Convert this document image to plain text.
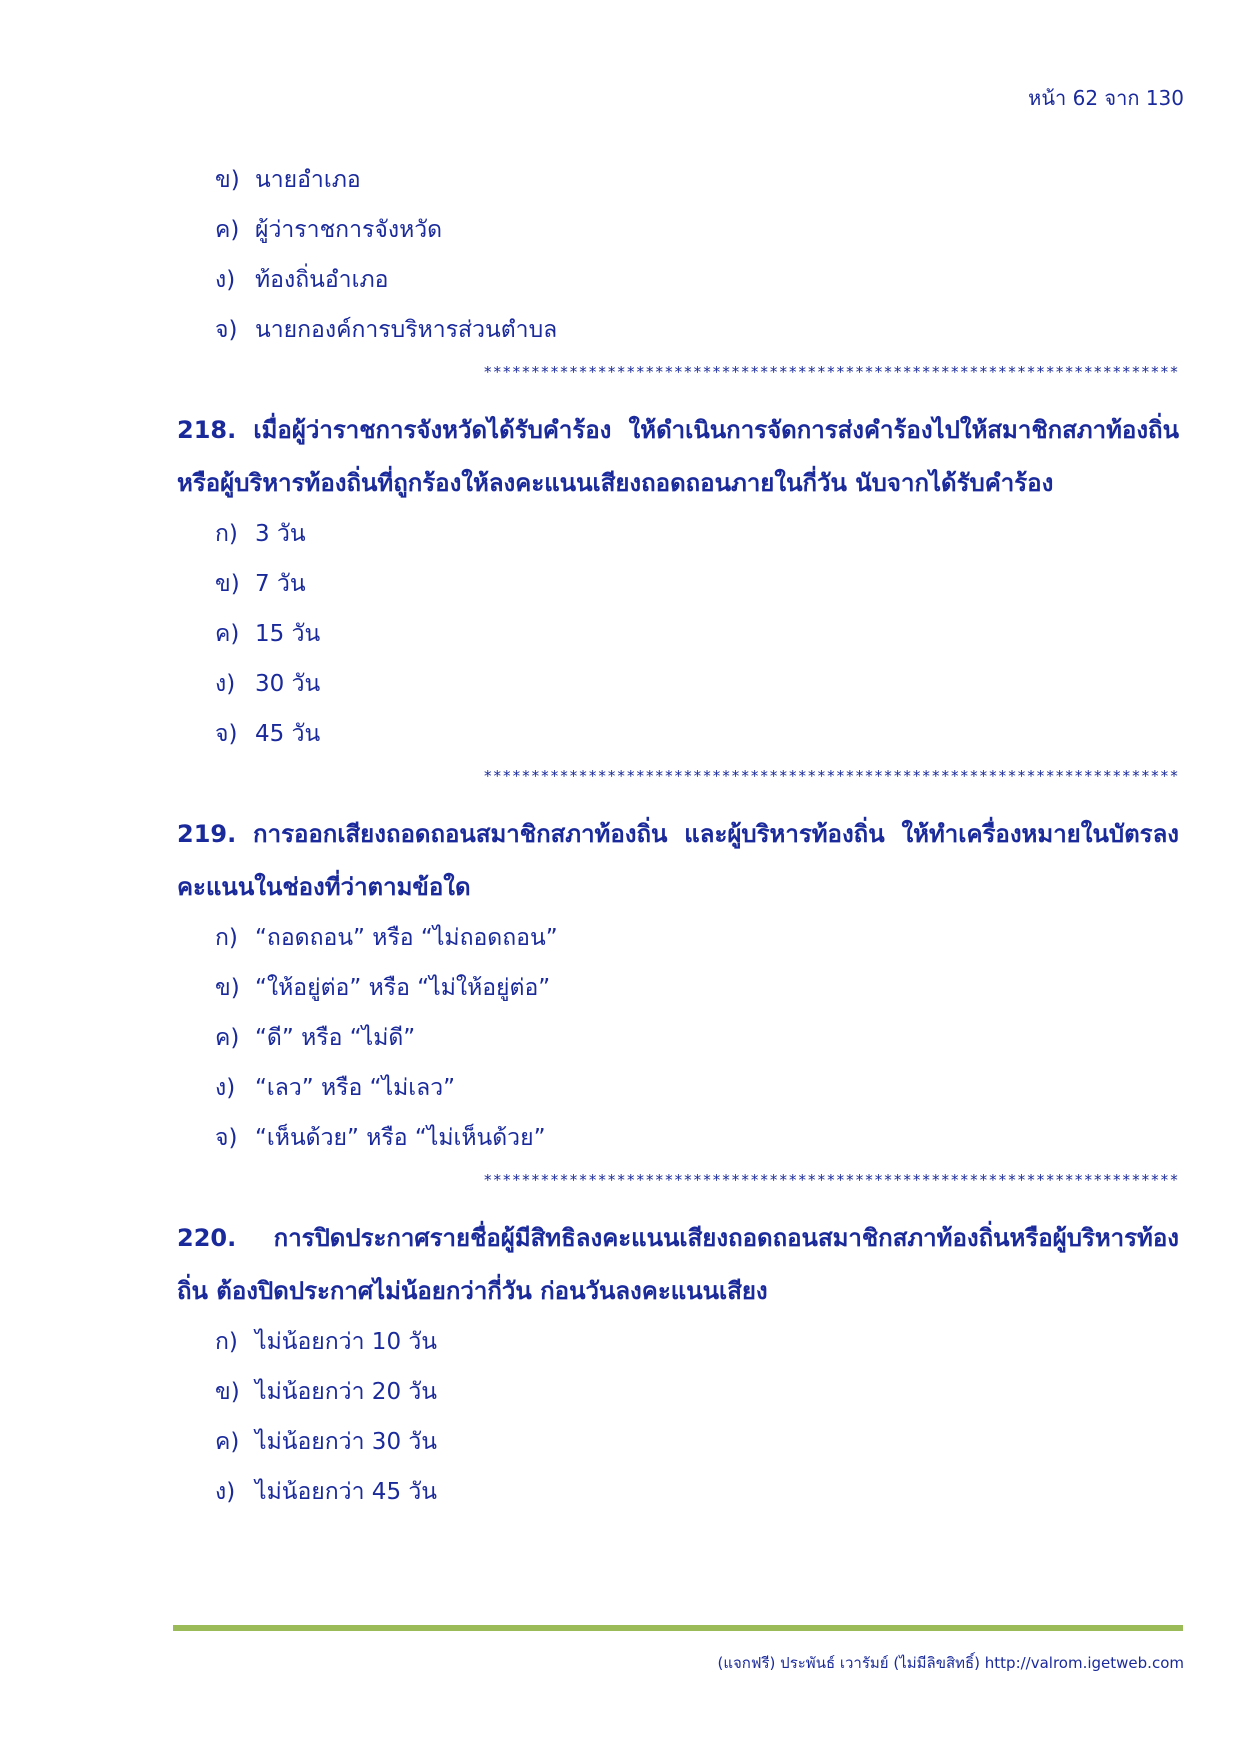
หน้า 62 จาก 130
ข) นายอำเภอ
ค) ผู้ว่าราชการจังหวัด
ง) ท้องถิ่นอำเภอ
จ) นายกองค์การบริหารส่วนตำบล
*************************************************************************
218. เมื่อผู้ว่าราชการจังหวัดได้รับคำร้อง ให้ดำเนินการจัดการส่งคำร้องไปให้สมาชิกสภาท้องถิ่นหรือผู้บริหารท้องถิ่นที่ถูกร้องให้ลงคะแนนเสียงถอดถอนภายในกี่วัน นับจากได้รับคำร้อง
ก) 3 วัน
ข) 7 วัน
ค) 15 วัน
ง) 30 วัน
จ) 45 วัน
*************************************************************************
219. การออกเสียงถอดถอนสมาชิกสภาท้องถิ่น และผู้บริหารท้องถิ่น ให้ทำเครื่องหมายในบัตรลงคะแนนในช่องที่ว่าตามข้อใด
ก) “ถอดถอน” หรือ “ไม่ถอดถอน”
ข) “ให้อยู่ต่อ” หรือ “ไม่ให้อยู่ต่อ”
ค) “ดี” หรือ “ไม่ดี”
ง) “เลว” หรือ “ไม่เลว”
จ) “เห็นด้วย” หรือ “ไม่เห็นด้วย”
*************************************************************************
220.    การปิดประกาศรายชื่อผู้มีสิทธิลงคะแนนเสียงถอดถอนสมาชิกสภาท้องถิ่นหรือผู้บริหารท้องถิ่น ต้องปิดประกาศไม่น้อยกว่ากี่วัน ก่อนวันลงคะแนนเสียง
ก) ไม่น้อยกว่า 10 วัน
ข) ไม่น้อยกว่า 20 วัน
ค) ไม่น้อยกว่า 30 วัน
ง) ไม่น้อยกว่า 45 วัน
(แจกฟรี) ประพันธ์ เวารัมย์ (ไม่มีลิขสิทธิ์) http://valrom.igetweb.com
